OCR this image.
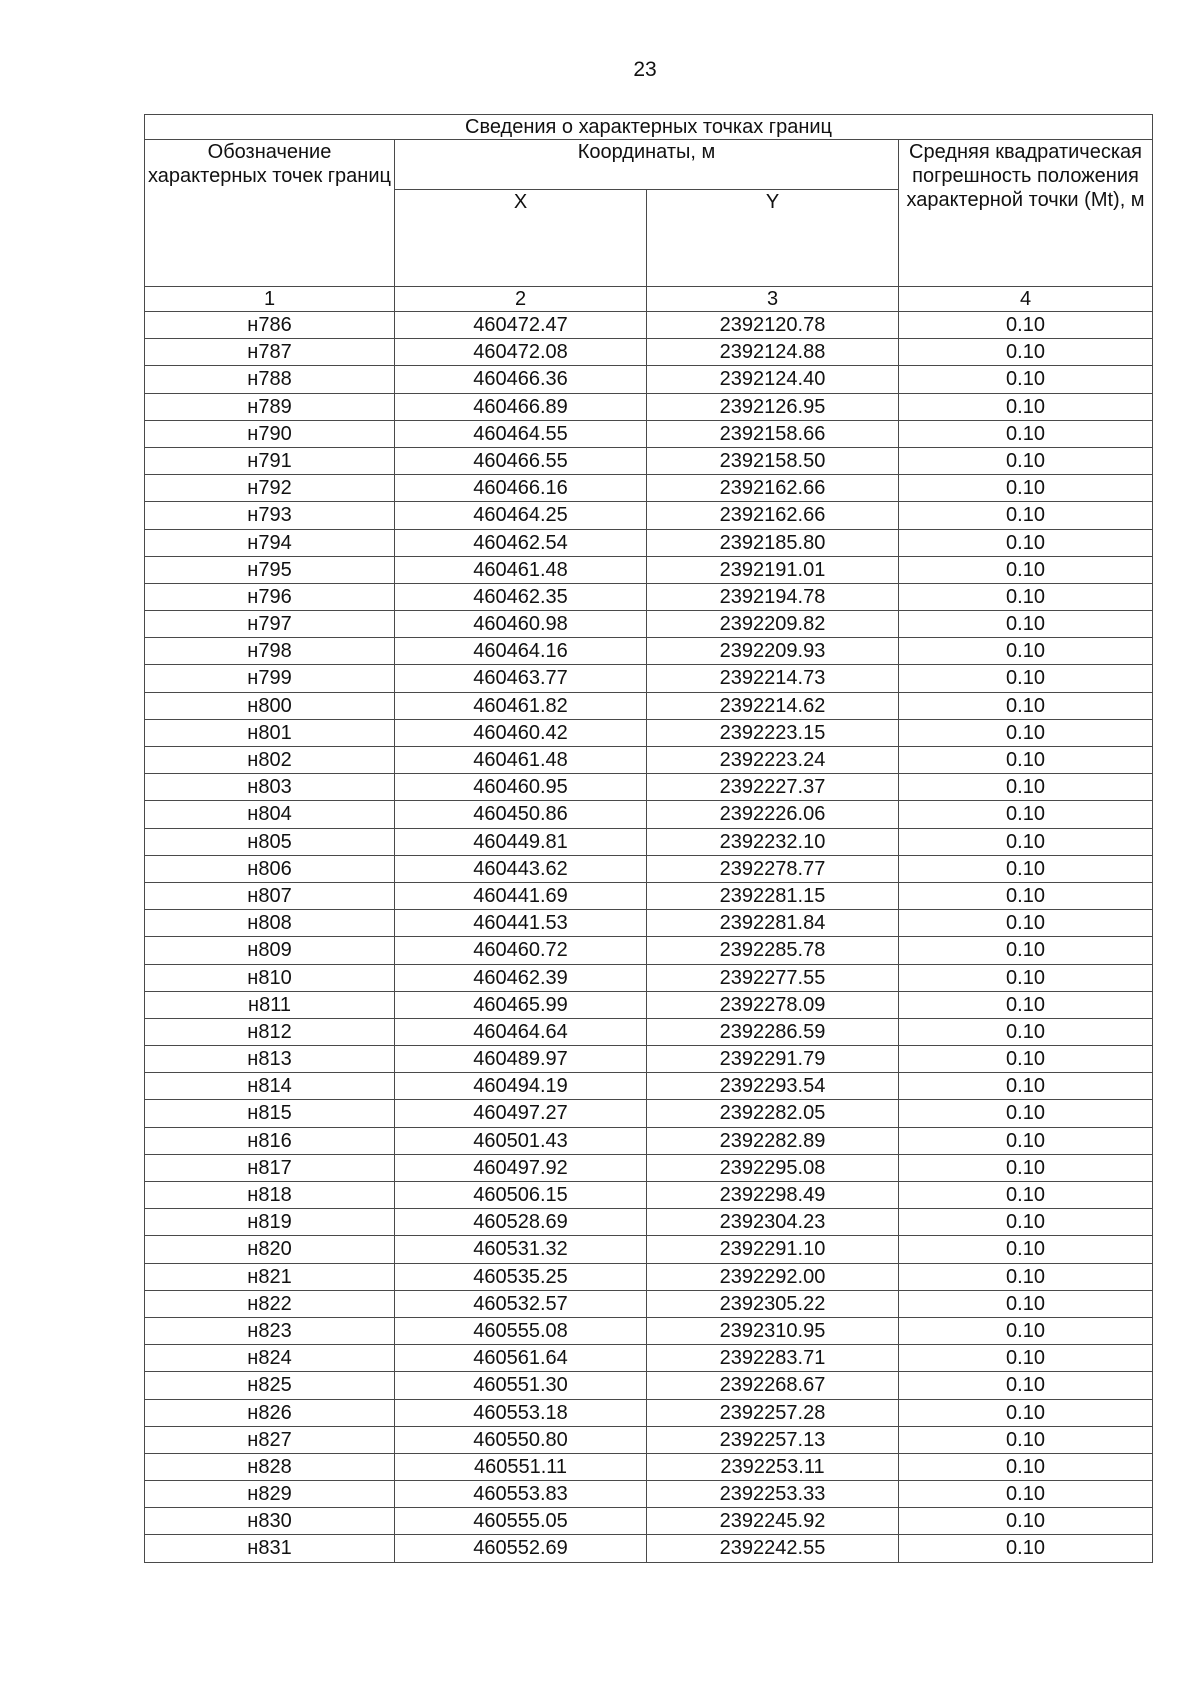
23
Сведения о характерных точках границ			
Обозначение характерных точек границ	Координаты, м		Средняя квадратическая погрешность положения характерной точки (Mt), м
	X	Y	
1	2	3	4
н786	460472.47	2392120.78	0.10
н787	460472.08	2392124.88	0.10
н788	460466.36	2392124.40	0.10
н789	460466.89	2392126.95	0.10
н790	460464.55	2392158.66	0.10
н791	460466.55	2392158.50	0.10
н792	460466.16	2392162.66	0.10
н793	460464.25	2392162.66	0.10
н794	460462.54	2392185.80	0.10
н795	460461.48	2392191.01	0.10
н796	460462.35	2392194.78	0.10
н797	460460.98	2392209.82	0.10
н798	460464.16	2392209.93	0.10
н799	460463.77	2392214.73	0.10
н800	460461.82	2392214.62	0.10
н801	460460.42	2392223.15	0.10
н802	460461.48	2392223.24	0.10
н803	460460.95	2392227.37	0.10
н804	460450.86	2392226.06	0.10
н805	460449.81	2392232.10	0.10
н806	460443.62	2392278.77	0.10
н807	460441.69	2392281.15	0.10
н808	460441.53	2392281.84	0.10
н809	460460.72	2392285.78	0.10
н810	460462.39	2392277.55	0.10
н811	460465.99	2392278.09	0.10
н812	460464.64	2392286.59	0.10
н813	460489.97	2392291.79	0.10
н814	460494.19	2392293.54	0.10
н815	460497.27	2392282.05	0.10
н816	460501.43	2392282.89	0.10
н817	460497.92	2392295.08	0.10
н818	460506.15	2392298.49	0.10
н819	460528.69	2392304.23	0.10
н820	460531.32	2392291.10	0.10
н821	460535.25	2392292.00	0.10
н822	460532.57	2392305.22	0.10
н823	460555.08	2392310.95	0.10
н824	460561.64	2392283.71	0.10
н825	460551.30	2392268.67	0.10
н826	460553.18	2392257.28	0.10
н827	460550.80	2392257.13	0.10
н828	460551.11	2392253.11	0.10
н829	460553.83	2392253.33	0.10
н830	460555.05	2392245.92	0.10
н831	460552.69	2392242.55	0.10
